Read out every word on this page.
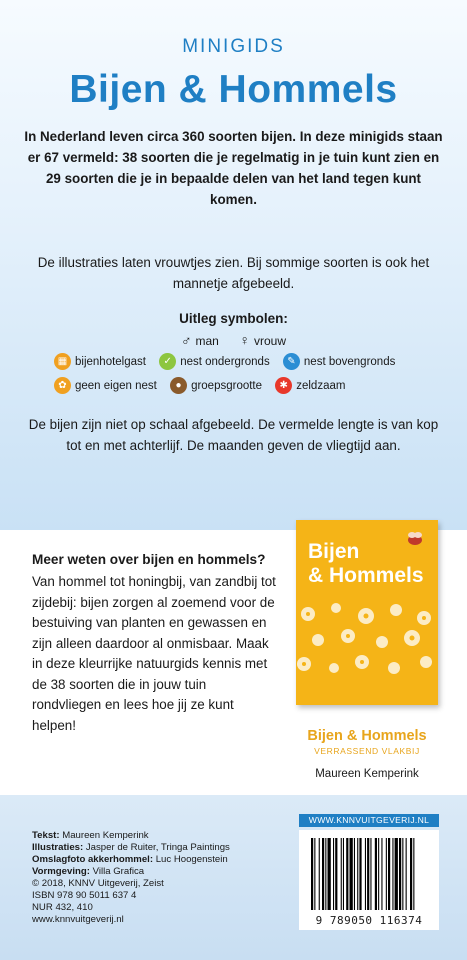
MINIGIDS
Bijen & Hommels
In Nederland leven circa 360 soorten bijen. In deze minigids staan er 67 vermeld: 38 soorten die je regelmatig in je tuin kunt zien en 29 soorten die je in bepaalde delen van het land tegen kunt komen.
De illustraties laten vrouwtjes zien. Bij sommige soorten is ook het mannetje afgebeeld.
Uitleg symbolen:
♂ man ♀ vrouw
▦ bijenhotelgast
	✓ nest ondergronds
	✎ nest bovengronds
✿ geen eigen nest
	● groepsgrootte
	✱ zeldzaam
De bijen zijn niet op schaal afgebeeld. De vermelde lengte is van kop tot en met achterlijf. De maanden geven de vliegtijd aan.
Meer weten over bijen en hommels?
Van hommel tot honingbij, van zandbij tot zijdebij: bijen zorgen al zoemend voor de bestuiving van planten en gewassen en zijn alleen daardoor al onmisbaar. Maak in deze kleurrijke natuurgids kennis met de 38 soorten die in jouw tuin rondvliegen en lees hoe jij ze kunt helpen!
Bijen
& Hommels
Bijen & Hommels
VERRASSEND VLAKBIJ
Maureen Kemperink
Tekst: Maureen Kemperink
Illustraties: Jasper de Ruiter, Tringa Paintings
Omslagfoto akkerhommel: Luc Hoogenstein
Vormgeving: Villa Grafica
© 2018, KNNV Uitgeverij, Zeist
ISBN 978 90 5011 637 4
NUR 432, 410
www.knnvuitgeverij.nl
WWW.KNNVUITGEVERIJ.NL
9 789050 116374
